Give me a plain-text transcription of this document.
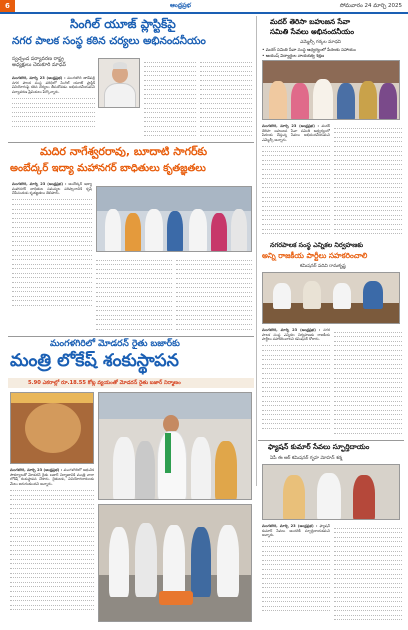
6	ఆంధ్రప్రభ	సోమవారం 24 మార్చి 2025
సింగిల్ యూజ్ ప్లాస్టిక్‌పై
నగర పాలక సంస్థ కఠిన చర్యలు అభినందనీయం
స్వచ్ఛంద పర్యావరణ రాష్ట్ర
అధ్యక్షులు చెరుకూరి మాధవ్
మంగళగిరి, మార్చి 23 (ఆంధ్రప్రభ) : మంగళగిరి తాడేపల్లి నగర పాలక సంస్థ పరిధిలో సింగిల్ యూజ్ ప్లాస్టిక్ వినియోగంపై కఠిన చర్యలు తీసుకోవడం అభినందనీయమని పర్యావరణ ప్రేమికులు పేర్కొన్నారు.
మదర్ తెరిసా బహుజన సేవా
సమితి సేవలు అభినందనీయం
ఎమ్మెల్సీ గర్కల మాధవి
• మదర్ సమితి సేవా సంస్థ ఆధ్వర్యంలో పేదలకు సహాయం
• ఆయుష్ విద్యార్థుల నాయకత్వ శిక్షణ
మంగళగిరి, మార్చి 23 (ఆంధ్రప్రభ) : మదర్ తెరిసా బహుజన సేవా సమితి ఆధ్వర్యంలో పేదలకు చేస్తున్న సేవలు అభినందనీయమని ఎమ్మెల్సీ అన్నారు.
మదిర నాగేశ్వరరావు, బూదాటి సాగర్‌కు
అంబేద్కర్ ఇద్యా మహానగర్ బాధితులు కృతజ్ఞతలు
మంగళగిరి, మార్చి 23 (ఆంధ్రప్రభ) : అంబేద్కర్ ఇద్యా మహానగర్ బాధితుల సమస్యల పరిష్కారానికి కృషి చేసినందుకు కృతజ్ఞతలు తెలిపారు.
నగరపాలక సంస్థ ఎన్నికల నిర్వహణకు
అన్ని రాజకీయ పార్టీలు సహకరించాలి
కమిషనర్ పదివి రామకృష్ణ
మంగళగిరి, మార్చి 23 (ఆంధ్రప్రభ) : నగర పాలక సంస్థ ఎన్నికల నిర్వహణకు రాజకీయ పార్టీలు సహకరించాలని కమిషనర్ కోరారు.
మంగళగిరిలో మోడరన్ రైతు బజార్‌కు
మంత్రి లోకేష్ శంకుస్థాపన
5.90 ఎకరాల్లో రూ.18.55 కోట్ల వ్యయంతో మోడరన్ రైతు బజార్ నిర్మాణం
మంగళగిరి, మార్చి 23 (ఆంధ్రప్రభ) : మంగళగిరిలో ఆధునిక సౌకర్యాలతో మోడరన్ రైతు బజార్ నిర్మాణానికి మంత్రి నారా లోకేష్ శంకుస్థాపన చేశారు. రైతులకు, వినియోగదారులకు మేలు జరుగుతుందని అన్నారు.
ఫ్యాషన్ కుమార్ సేవలు స్ఫూర్తిదాయం
ఏపీ ఈ ఆర్ కమిషనర్ గృహ మోహన్ శర్మ
మంగళగిరి, మార్చి 23 (ఆంధ్రప్రభ) : ఫ్యాషన్ కుమార్ సేవలు అందరికీ స్ఫూర్తిదాయకమని అన్నారు.
